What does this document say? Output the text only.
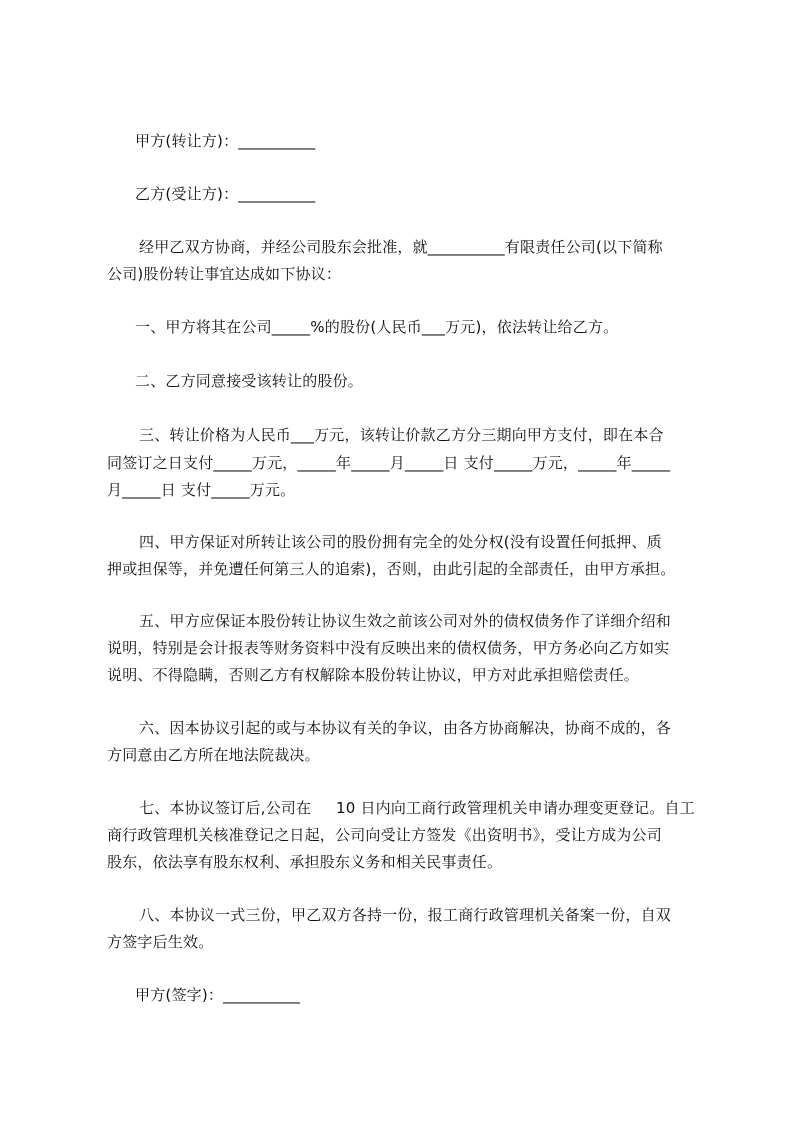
甲方(转让方)：__________
乙方(受让方)：__________
经甲乙双方协商，并经公司股东会批准，就__________有限责任公司(以下简称
公司)股份转让事宜达成如下协议：
一、甲方将其在公司_____%的股份(人民币___万元)，依法转让给乙方。
二、乙方同意接受该转让的股份。
三、转让价格为人民币___万元，该转让价款乙方分三期向甲方支付，即在本合
同签订之日支付_____万元，_____年_____月_____日 支付_____万元，_____年_____
月_____日 支付_____万元。
四、甲方保证对所转让该公司的股份拥有完全的处分权(没有设置任何抵押、质
押或担保等，并免遭任何第三人的追索)，否则，由此引起的全部责任，由甲方承担。
五、甲方应保证本股份转让协议生效之前该公司对外的债权债务作了详细介绍和
说明，特别是会计报表等财务资料中没有反映出来的债权债务，甲方务必向乙方如实
说明、不得隐瞒，否则乙方有权解除本股份转让协议，甲方对此承担赔偿责任。
六、因本协议引起的或与本协议有关的争议，由各方协商解决，协商不成的，各
方同意由乙方所在地法院裁决。
七、本协议签订后,公司在     10 日内向工商行政管理机关申请办理变更登记。自工
商行政管理机关核准登记之日起，公司向受让方签发《出资明书》，受让方成为公司
股东，依法享有股东权利、承担股东义务和相关民事责任。
八、本协议一式三份，甲乙双方各持一份，报工商行政管理机关备案一份，自双
方签字后生效。
甲方(签字)：__________
